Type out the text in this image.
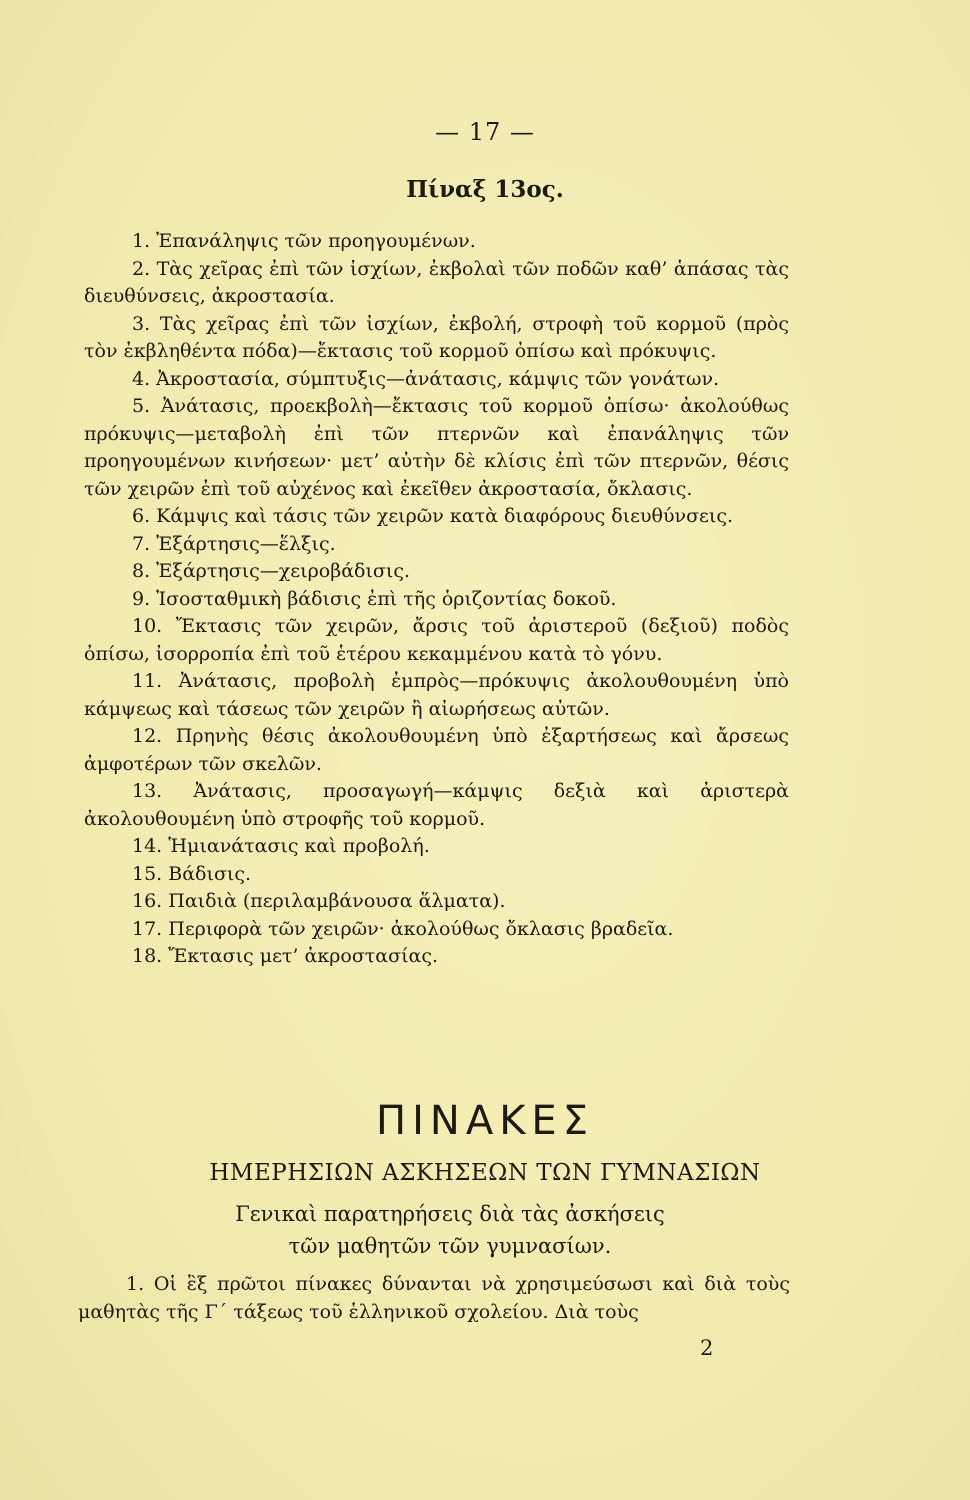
— 17 —
Πίναξ 13ος.

1. Ἐπανάληψις τῶν προηγουμένων.

2. Τὰς χεῖρας ἐπὶ τῶν ἰσχίων, ἐκβολαὶ τῶν ποδῶν καθ’ ἁπάσας τὰς διευθύνσεις, ἀκροστασία.

3. Τὰς χεῖρας ἐπὶ τῶν ἰσχίων, ἐκβολή, στροφὴ τοῦ κορμοῦ (πρὸς τὸν ἐκβληθέντα πόδα)—ἔκτασις τοῦ κορμοῦ ὀπίσω καὶ πρόκυψις.

4. Ἀκροστασία, σύμπτυξις—ἀνάτασις, κάμψις τῶν γονάτων.

5. Ἀνάτασις, προεκβολὴ—ἔκτασις τοῦ κορμοῦ ὀπίσω· ἀκολούθως πρόκυψις—μεταβολὴ ἐπὶ τῶν πτερνῶν καὶ ἐπανάληψις τῶν προηγουμένων κινήσεων· μετ’ αὐτὴν δὲ κλίσις ἐπὶ τῶν πτερνῶν, θέσις τῶν χειρῶν ἐπὶ τοῦ αὐχένος καὶ ἐκεῖθεν ἀκροστασία, ὄκλασις.

6. Κάμψις καὶ τάσις τῶν χειρῶν κατὰ διαφόρους διευθύνσεις.

7. Ἐξάρτησις—ἕλξις.

8. Ἐξάρτησις—χειροβάδισις.

9. Ἰσοσταθμικὴ βάδισις ἐπὶ τῆς ὁριζοντίας δοκοῦ.

10. Ἔκτασις τῶν χειρῶν, ἄρσις τοῦ ἀριστεροῦ (δεξιοῦ) ποδὸς ὀπίσω, ἰσορροπία ἐπὶ τοῦ ἑτέρου κεκαμμένου κατὰ τὸ γόνυ.

11. Ἀνάτασις, προβολὴ ἐμπρὸς—πρόκυψις ἀκολουθουμένη ὑπὸ κάμψεως καὶ τάσεως τῶν χειρῶν ἢ αἰωρήσεως αὐτῶν.

12. Πρηνὴς θέσις ἀκολουθουμένη ὑπὸ ἐξαρτήσεως καὶ ἄρσεως ἀμφοτέρων τῶν σκελῶν.

13. Ἀνάτασις, προσαγωγή—κάμψις δεξιὰ καὶ ἀριστερὰ ἀκολουθουμένη ὑπὸ στροφῆς τοῦ κορμοῦ.

14. Ἡμιανάτασις καὶ προβολή.

15. Βάδισις.

16. Παιδιὰ (περιλαμβάνουσα ἅλματα).

17. Περιφορὰ τῶν χειρῶν· ἀκολούθως ὄκλασις βραδεῖα.

18. Ἔκτασις μετ’ ἀκροστασίας.

ΠΙΝΑΚΕΣ
ΗΜΕΡΗΣΙΩΝ ΑΣΚΗΣΕΩΝ ΤΩΝ ΓΥΜΝΑΣΙΩΝ
Γενικαὶ παρατηρήσεις διὰ τὰς ἀσκήσεις
τῶν μαθητῶν τῶν γυμνασίων.

1. Οἱ ἓξ πρῶτοι πίνακες δύνανται νὰ χρησιμεύσωσι καὶ διὰ τοὺς μαθητὰς τῆς Γ´ τάξεως τοῦ ἑλληνικοῦ σχολείου. Διὰ τοὺς

2
